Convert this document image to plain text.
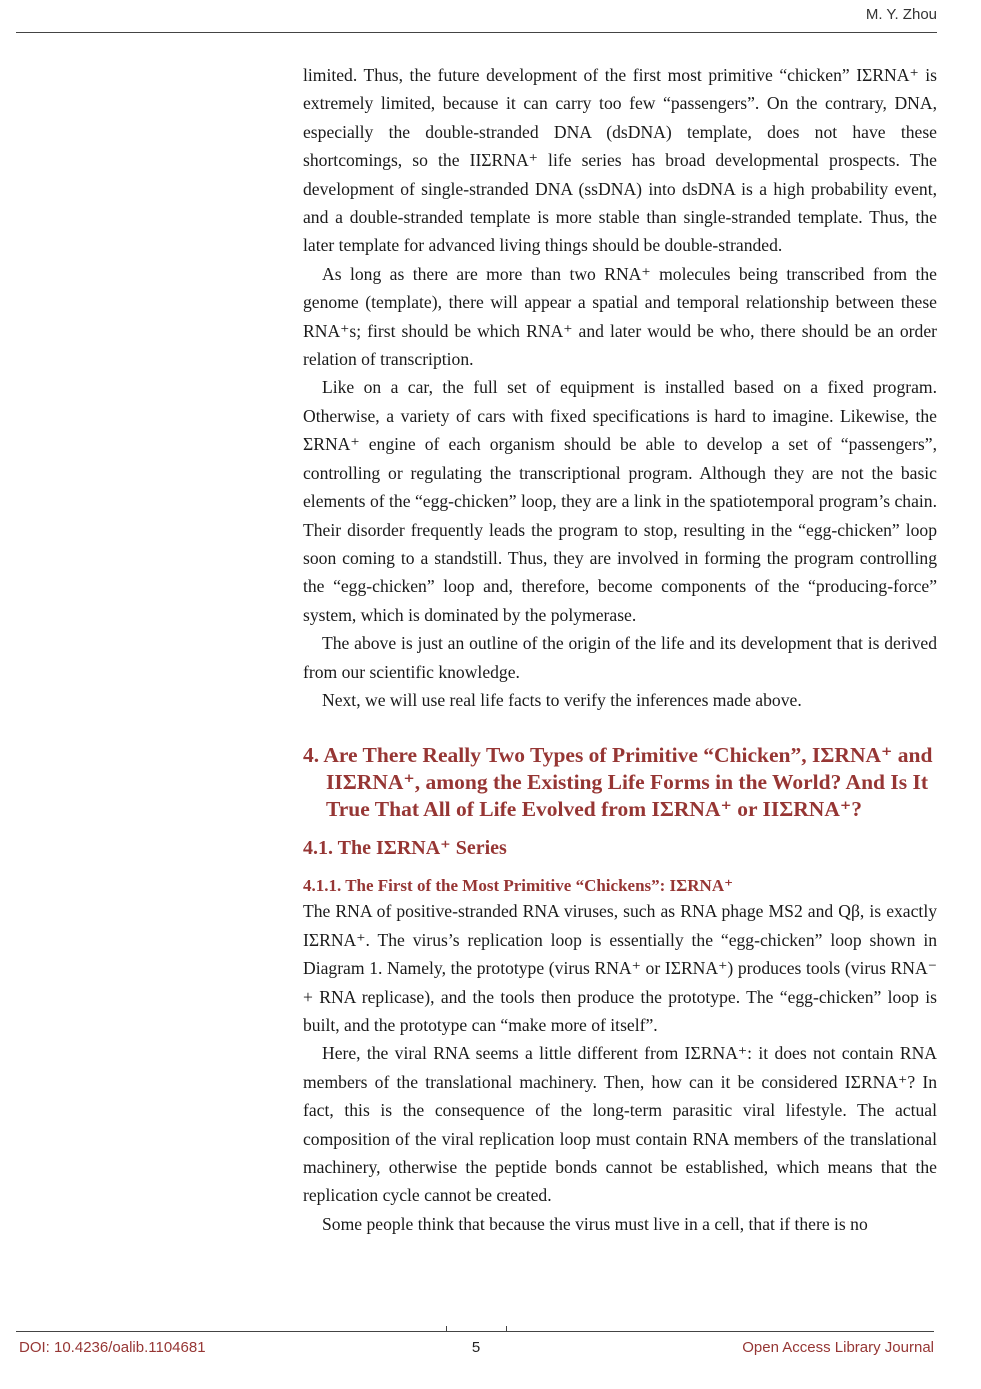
M. Y. Zhou

limited. Thus, the future development of the first most primitive “chicken” IΣRNA⁺ is extremely limited, because it can carry too few “passengers”. On the contrary, DNA, especially the double-stranded DNA (dsDNA) template, does not have these shortcomings, so the IIΣRNA⁺ life series has broad developmental prospects. The development of single-stranded DNA (ssDNA) into dsDNA is a high probability event, and a double-stranded template is more stable than single-stranded template. Thus, the later template for advanced living things should be double-stranded.

As long as there are more than two RNA⁺ molecules being transcribed from the genome (template), there will appear a spatial and temporal relationship between these RNA⁺s; first should be which RNA⁺ and later would be who, there should be an order relation of transcription.

Like on a car, the full set of equipment is installed based on a fixed program. Otherwise, a variety of cars with fixed specifications is hard to imagine. Likewise, the ΣRNA⁺ engine of each organism should be able to develop a set of “passengers”, controlling or regulating the transcriptional program. Although they are not the basic elements of the “egg-chicken” loop, they are a link in the spatiotemporal program’s chain. Their disorder frequently leads the program to stop, resulting in the “egg-chicken” loop soon coming to a standstill. Thus, they are involved in forming the program controlling the “egg-chicken” loop and, therefore, become components of the “producing-force” system, which is dominated by the polymerase.

The above is just an outline of the origin of the life and its development that is derived from our scientific knowledge.

Next, we will use real life facts to verify the inferences made above.

4. Are There Really Two Types of Primitive “Chicken”, IΣRNA⁺ and IIΣRNA⁺, among the Existing Life Forms in the World? And Is It True That All of Life Evolved from IΣRNA⁺ or IIΣRNA⁺?
4.1. The IΣRNA⁺ Series
4.1.1. The First of the Most Primitive “Chickens”: IΣRNA⁺

The RNA of positive-stranded RNA viruses, such as RNA phage MS2 and Qβ, is exactly IΣRNA⁺. The virus’s replication loop is essentially the “egg-chicken” loop shown in Diagram 1. Namely, the prototype (virus RNA⁺ or IΣRNA⁺) produces tools (virus RNA⁻ + RNA replicase), and the tools then produce the prototype. The “egg-chicken” loop is built, and the prototype can “make more of itself”.

Here, the viral RNA seems a little different from IΣRNA⁺: it does not contain RNA members of the translational machinery. Then, how can it be considered IΣRNA⁺? In fact, this is the consequence of the long-term parasitic viral lifestyle. The actual composition of the viral replication loop must contain RNA members of the translational machinery, otherwise the peptide bonds cannot be established, which means that the replication cycle cannot be created.

Some people think that because the virus must live in a cell, that if there is no

DOI: 10.4236/oalib.1104681	5	Open Access Library Journal
